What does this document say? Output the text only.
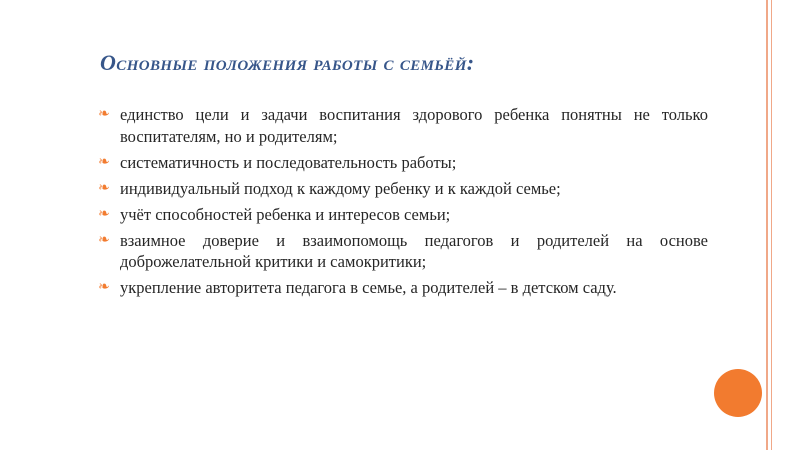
Основные положения работы с семьёй:
❧ единство цели и задачи воспитания здорового ребенка понятны не только воспитателям, но и родителям;
❧ систематичность и последовательность работы;
❧ индивидуальный подход к каждому ребенку и к каждой семье;
❧ учёт способностей ребенка и интересов семьи;
❧ взаимное доверие и взаимопомощь педагогов и родителей на основе доброжелательной критики и самокритики;
❧ укрепление авторитета педагога в семье, а родителей – в детском саду.
